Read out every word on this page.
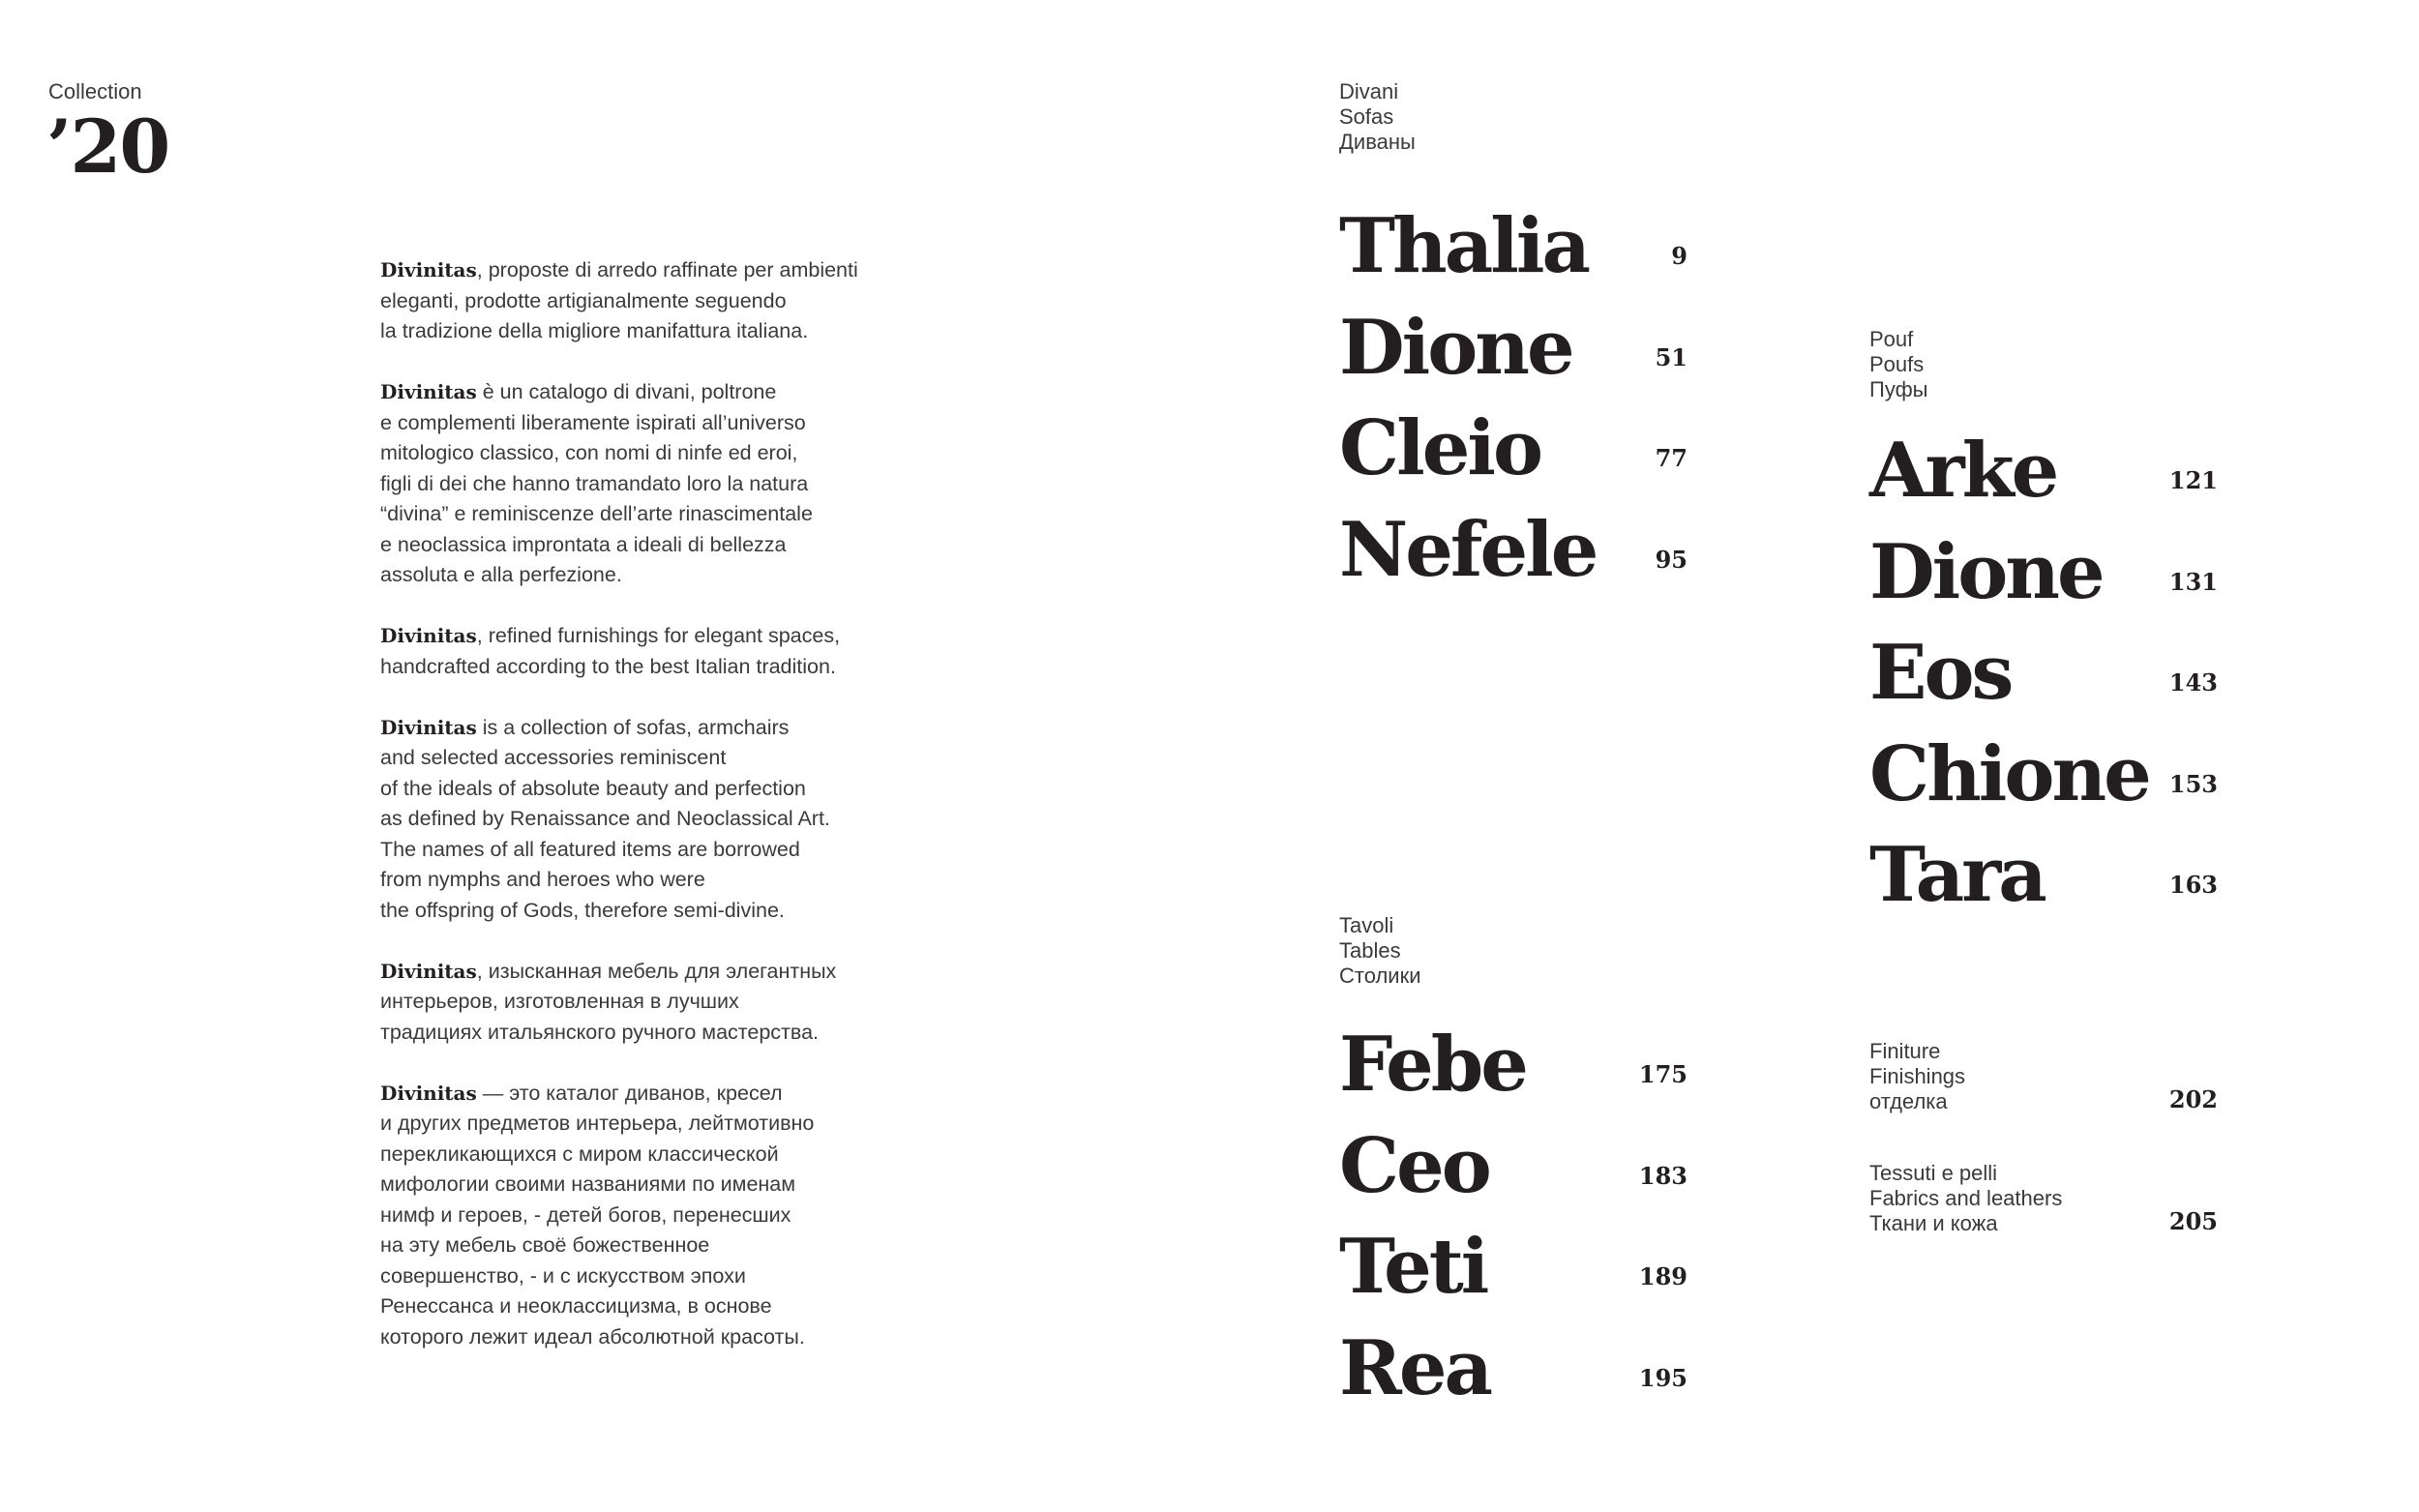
Collection
’20

Divinitas, proposte di arredo raffinate per ambienti
eleganti, prodotte artigianalmente seguendo
la tradizione della migliore manifattura italiana.

Divinitas è un catalogo di divani, poltrone
e complementi liberamente ispirati all’universo
mitologico classico, con nomi di ninfe ed eroi,
figli di dei che hanno tramandato loro la natura
“divina” e reminiscenze dell’arte rinascimentale
e neoclassica improntata a ideali di bellezza
assoluta e alla perfezione.

Divinitas, refined furnishings for elegant spaces,
handcrafted according to the best Italian tradition.

Divinitas is a collection of sofas, armchairs
and selected accessories reminiscent
of the ideals of absolute beauty and perfection
as defined by Renaissance and Neoclassical Art.
The names of all featured items are borrowed
from nymphs and heroes who were
the offspring of Gods, therefore semi-divine.

Divinitas, изысканная мебель для элегантных
интерьеров, изготовленная в лучших
традициях итальянского ручного мастерства.

Divinitas — это каталог диванов, кресел
и других предметов интерьера, лейтмотивно
перекликающихся с миром классической
мифологии своими названиями по именам
нимф и героев, - детей богов, перенесших
на эту мебель своё божественное
совершенство, - и с искусством эпохи
Ренессанса и неоклассицизма, в основе
которого лежит идеал абсолютной красоты.

Divani
Sofas
Диваны
Thalia	9
Dione	51
Cleio	77
Nefele	95
Tavoli
Tables
Столики
Febe	175
Ceo	183
Teti	189
Rea	195
Pouf
Poufs
Пуфы
Arke	121
Dione	131
Eos	143
Chione 153
Tara	163
Finiture
Finishings
отделка	202
Tessuti e pelli
Fabrics and leathers
Ткани и кожа	205
